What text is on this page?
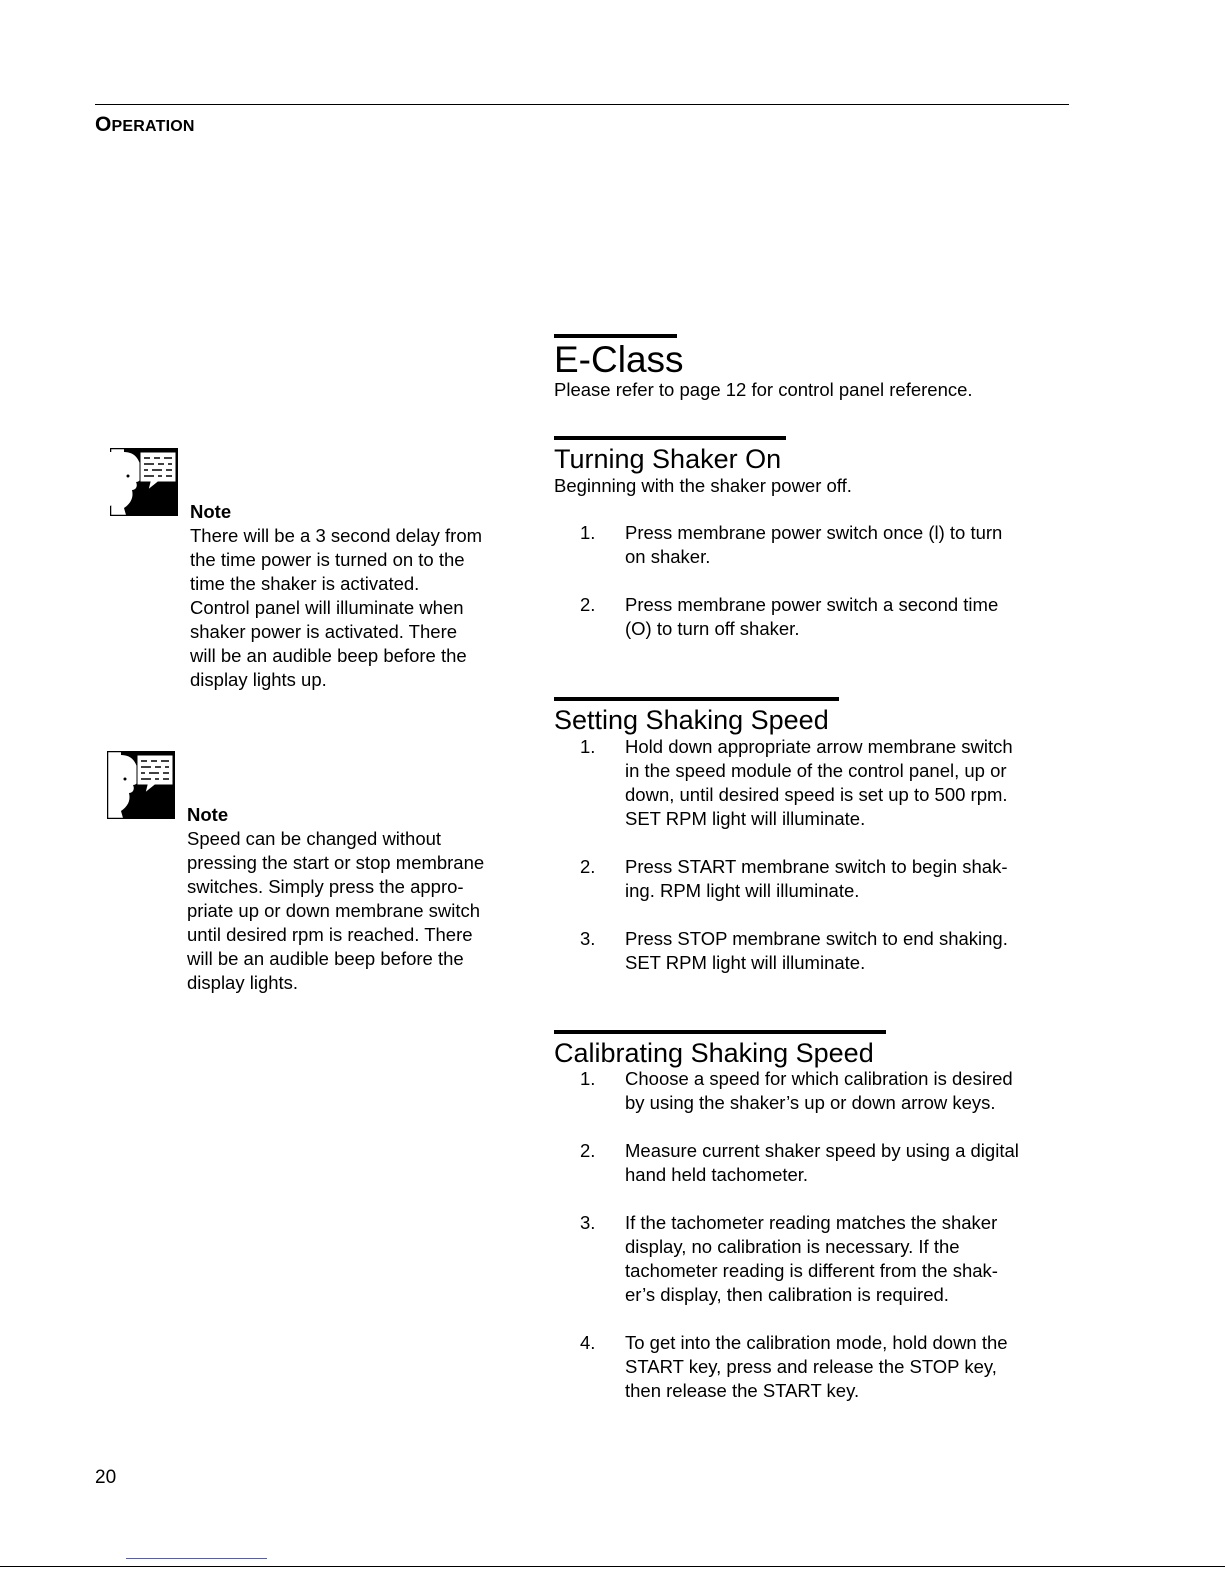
OPERATION
E-Class
Please refer to page 12 for control panel reference.
Turning Shaker On
Beginning with the shaker power off.
1. Press membrane power switch once (l) to turn
on shaker.
2. Press membrane power switch a second time
(O) to turn off shaker.
Setting Shaking Speed
1. Hold down appropriate arrow membrane switch
in the speed module of the control panel, up or
down, until desired speed is set up to 500 rpm.
SET RPM light will illuminate.
2. Press START membrane switch to begin shak-
ing. RPM light will illuminate.
3. Press STOP membrane switch to end shaking.
SET RPM light will illuminate.
Calibrating Shaking Speed
1. Choose a speed for which calibration is desired
by using the shaker’s up or down arrow keys.
2. Measure current shaker speed by using a digital
hand held tachometer.
3. If the tachometer reading matches the shaker
display, no calibration is necessary. If the
tachometer reading is different from the shak-
er’s display, then calibration is required.
4. To get into the calibration mode, hold down the
START key, press and release the STOP key,
then release the START key.
Note
There will be a 3 second delay from
the time power is turned on to the
time the shaker is activated.
Control panel will illuminate when
shaker power is activated. There
will be an audible beep before the
display lights up.
Note
Speed can be changed without
pressing the start or stop membrane
switches. Simply press the appro-
priate up or down membrane switch
until desired rpm is reached. There
will be an audible beep before the
display lights.
20
